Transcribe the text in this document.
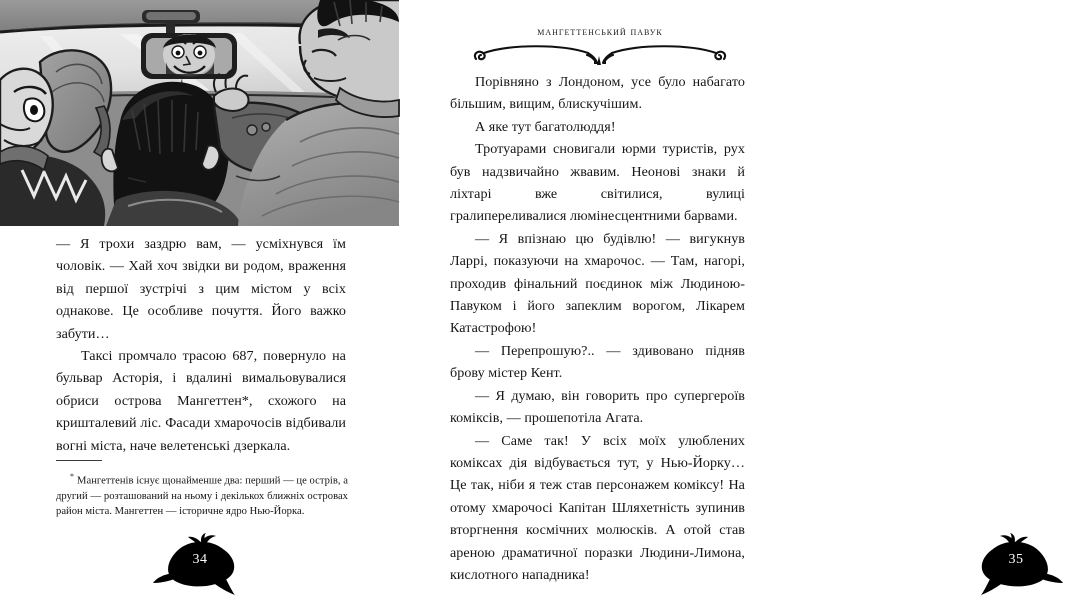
— Я трохи заздрю вам, — усміхнувся їм чоловік. — Хай хоч звідки ви родом, враження від першої зустрічі з цим містом у всіх однакове. Це особливе почуття. Його важко забути…

Таксі промчало трасою 687, повернуло на бульвар Асторія, і вдалині вимальовувалися обриси острова Мангеттен*, схожого на кришталевий ліс. Фасади хмарочосів відбивали вогні міста, наче велетенські дзеркала.

* Мангеттенів існує щонайменше два: перший — це острів, а другий — розташований на ньому і декількох ближніх островах район міста. Мангеттен — історичне ядро Нью-Йорка.
34
мангеттенський павук

Порівняно з Лондоном, усе було набагато більшим, вищим, блискучішим.

А яке тут багатолюддя!

Тротуарами сновигали юрми туристів, рух був надзвичайно жвавим. Неонові знаки й ліхтарі вже світилися, вулиці гралипереливалися люмінесцентними барвами.

— Я впізнаю цю будівлю! — вигукнув Ларрі, показуючи на хмарочос. — Там, нагорі, проходив фінальний поєдинок між Людиною-Павуком і його запеклим ворогом, Лікарем Катастрофою!

— Перепрошую?.. — здивовано підняв брову містер Кент.

— Я думаю, він говорить про супергероїв коміксів, — прошепотіла Агата.

— Саме так! У всіх моїх улюблених коміксах дія відбувається тут, у Нью-Йорку… Це так, ніби я теж став персонажем коміксу! На отому хмарочосі Капітан Шляхетність зупинив вторгнення космічних молюсків. А отой став ареною драматичної поразки Людини-Лимона, кислотного нападника!

35
